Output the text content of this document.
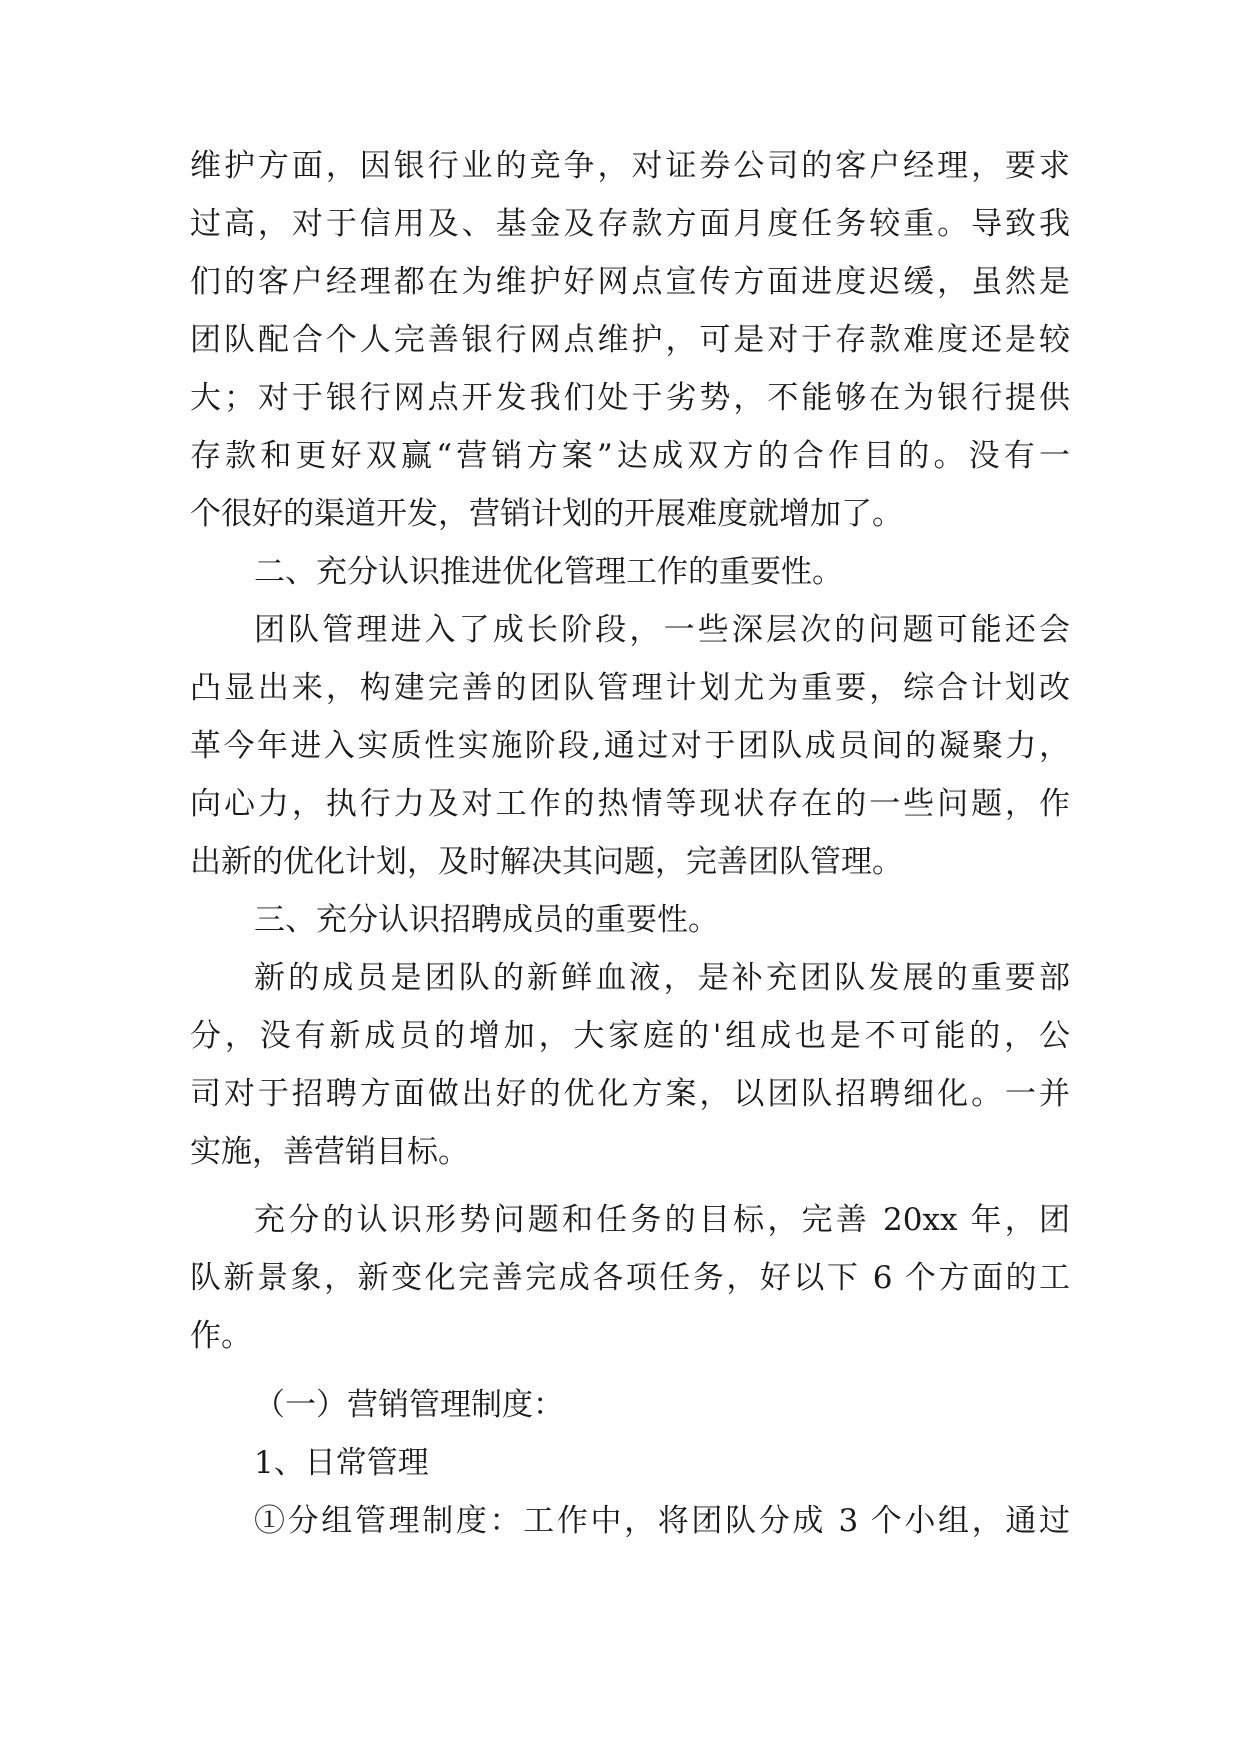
维护方面，因银行业的竞争，对证券公司的客户经理，要求
过高，对于信用及、基金及存款方面月度任务较重。导致我
们的客户经理都在为维护好网点宣传方面进度迟缓，虽然是
团队配合个人完善银行网点维护，可是对于存款难度还是较
大；对于银行网点开发我们处于劣势，不能够在为银行提供
存款和更好双赢“营销方案”达成双方的合作目的。没有一
个很好的渠道开发，营销计划的开展难度就增加了。
二、充分认识推进优化管理工作的重要性。
团队管理进入了成长阶段，一些深层次的问题可能还会
凸显出来，构建完善的团队管理计划尤为重要，综合计划改
革今年进入实质性实施阶段,通过对于团队成员间的凝聚力，
向心力，执行力及对工作的热情等现状存在的一些问题，作
出新的优化计划，及时解决其问题，完善团队管理。
三、充分认识招聘成员的重要性。
新的成员是团队的新鲜血液，是补充团队发展的重要部
分，没有新成员的增加，大家庭的'组成也是不可能的，公
司对于招聘方面做出好的优化方案，以团队招聘细化。一并
实施，善营销目标。
充分的认识形势问题和任务的目标，完善 20xx 年，团
队新景象，新变化完善完成各项任务，好以下 6 个方面的工
作。
（一）营销管理制度：
1、日常管理
①分组管理制度：工作中，将团队分成 3 个小组，通过
